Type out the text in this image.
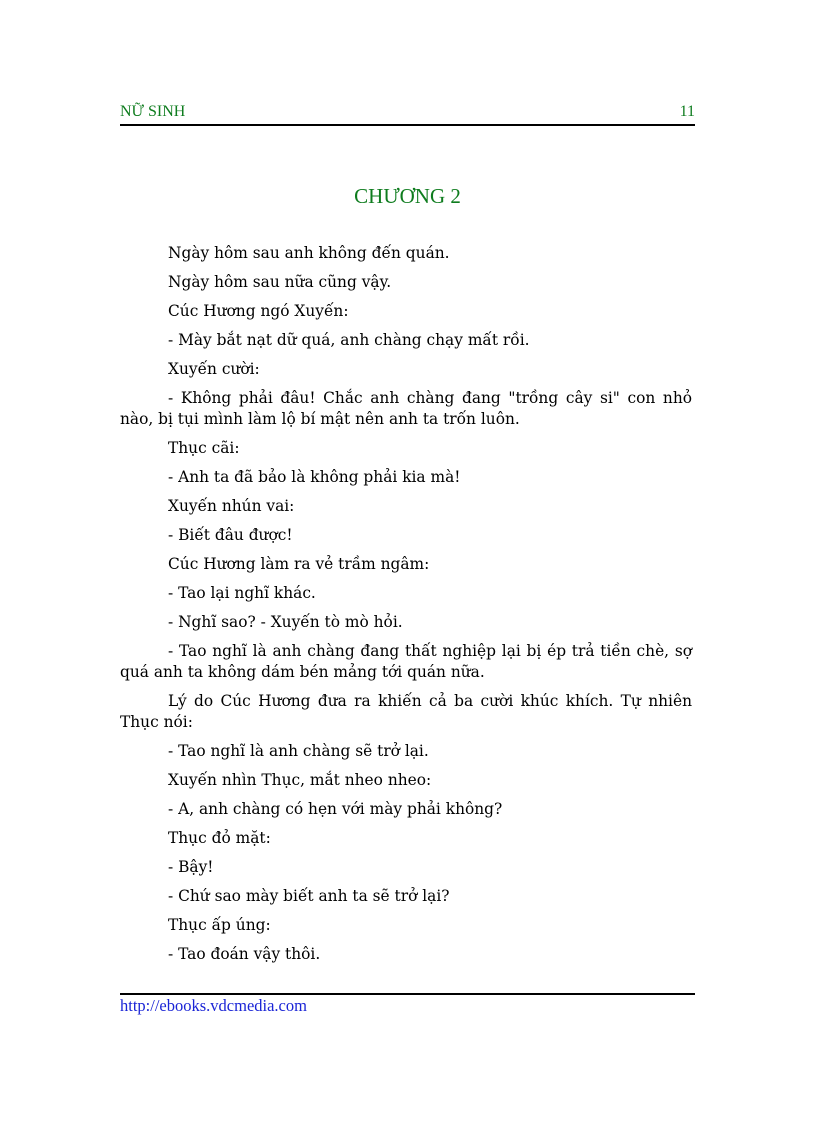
NỮ SINH	11
CHƯƠNG 2

Ngày hôm sau anh không đến quán.

Ngày hôm sau nữa cũng vậy.

Cúc Hương ngó Xuyến:

- Mày bắt nạt dữ quá, anh chàng chạy mất rồi.

Xuyến cười:

- Không phải đâu! Chắc anh chàng đang "trồng cây si" con nhỏ nào, bị tụi mình làm lộ bí mật nên anh ta trốn luôn.

Thục cãi:

- Anh ta đã bảo là không phải kia mà!

Xuyến nhún vai:

- Biết đâu được!

Cúc Hương làm ra vẻ trầm ngâm:

- Tao lại nghĩ khác.

- Nghĩ sao? - Xuyến tò mò hỏi.

- Tao nghĩ là anh chàng đang thất nghiệp lại bị ép trả tiền chè, sợ quá anh ta không dám bén mảng tới quán nữa.

Lý do Cúc Hương đưa ra khiến cả ba cười khúc khích. Tự nhiên Thục nói:

- Tao nghĩ là anh chàng sẽ trở lại.

Xuyến nhìn Thục, mắt nheo nheo:

- A, anh chàng có hẹn với mày phải không?

Thục đỏ mặt:

- Bậy!

- Chứ sao mày biết anh ta sẽ trở lại?

Thục ấp úng:

- Tao đoán vậy thôi.

http://ebooks.vdcmedia.com
